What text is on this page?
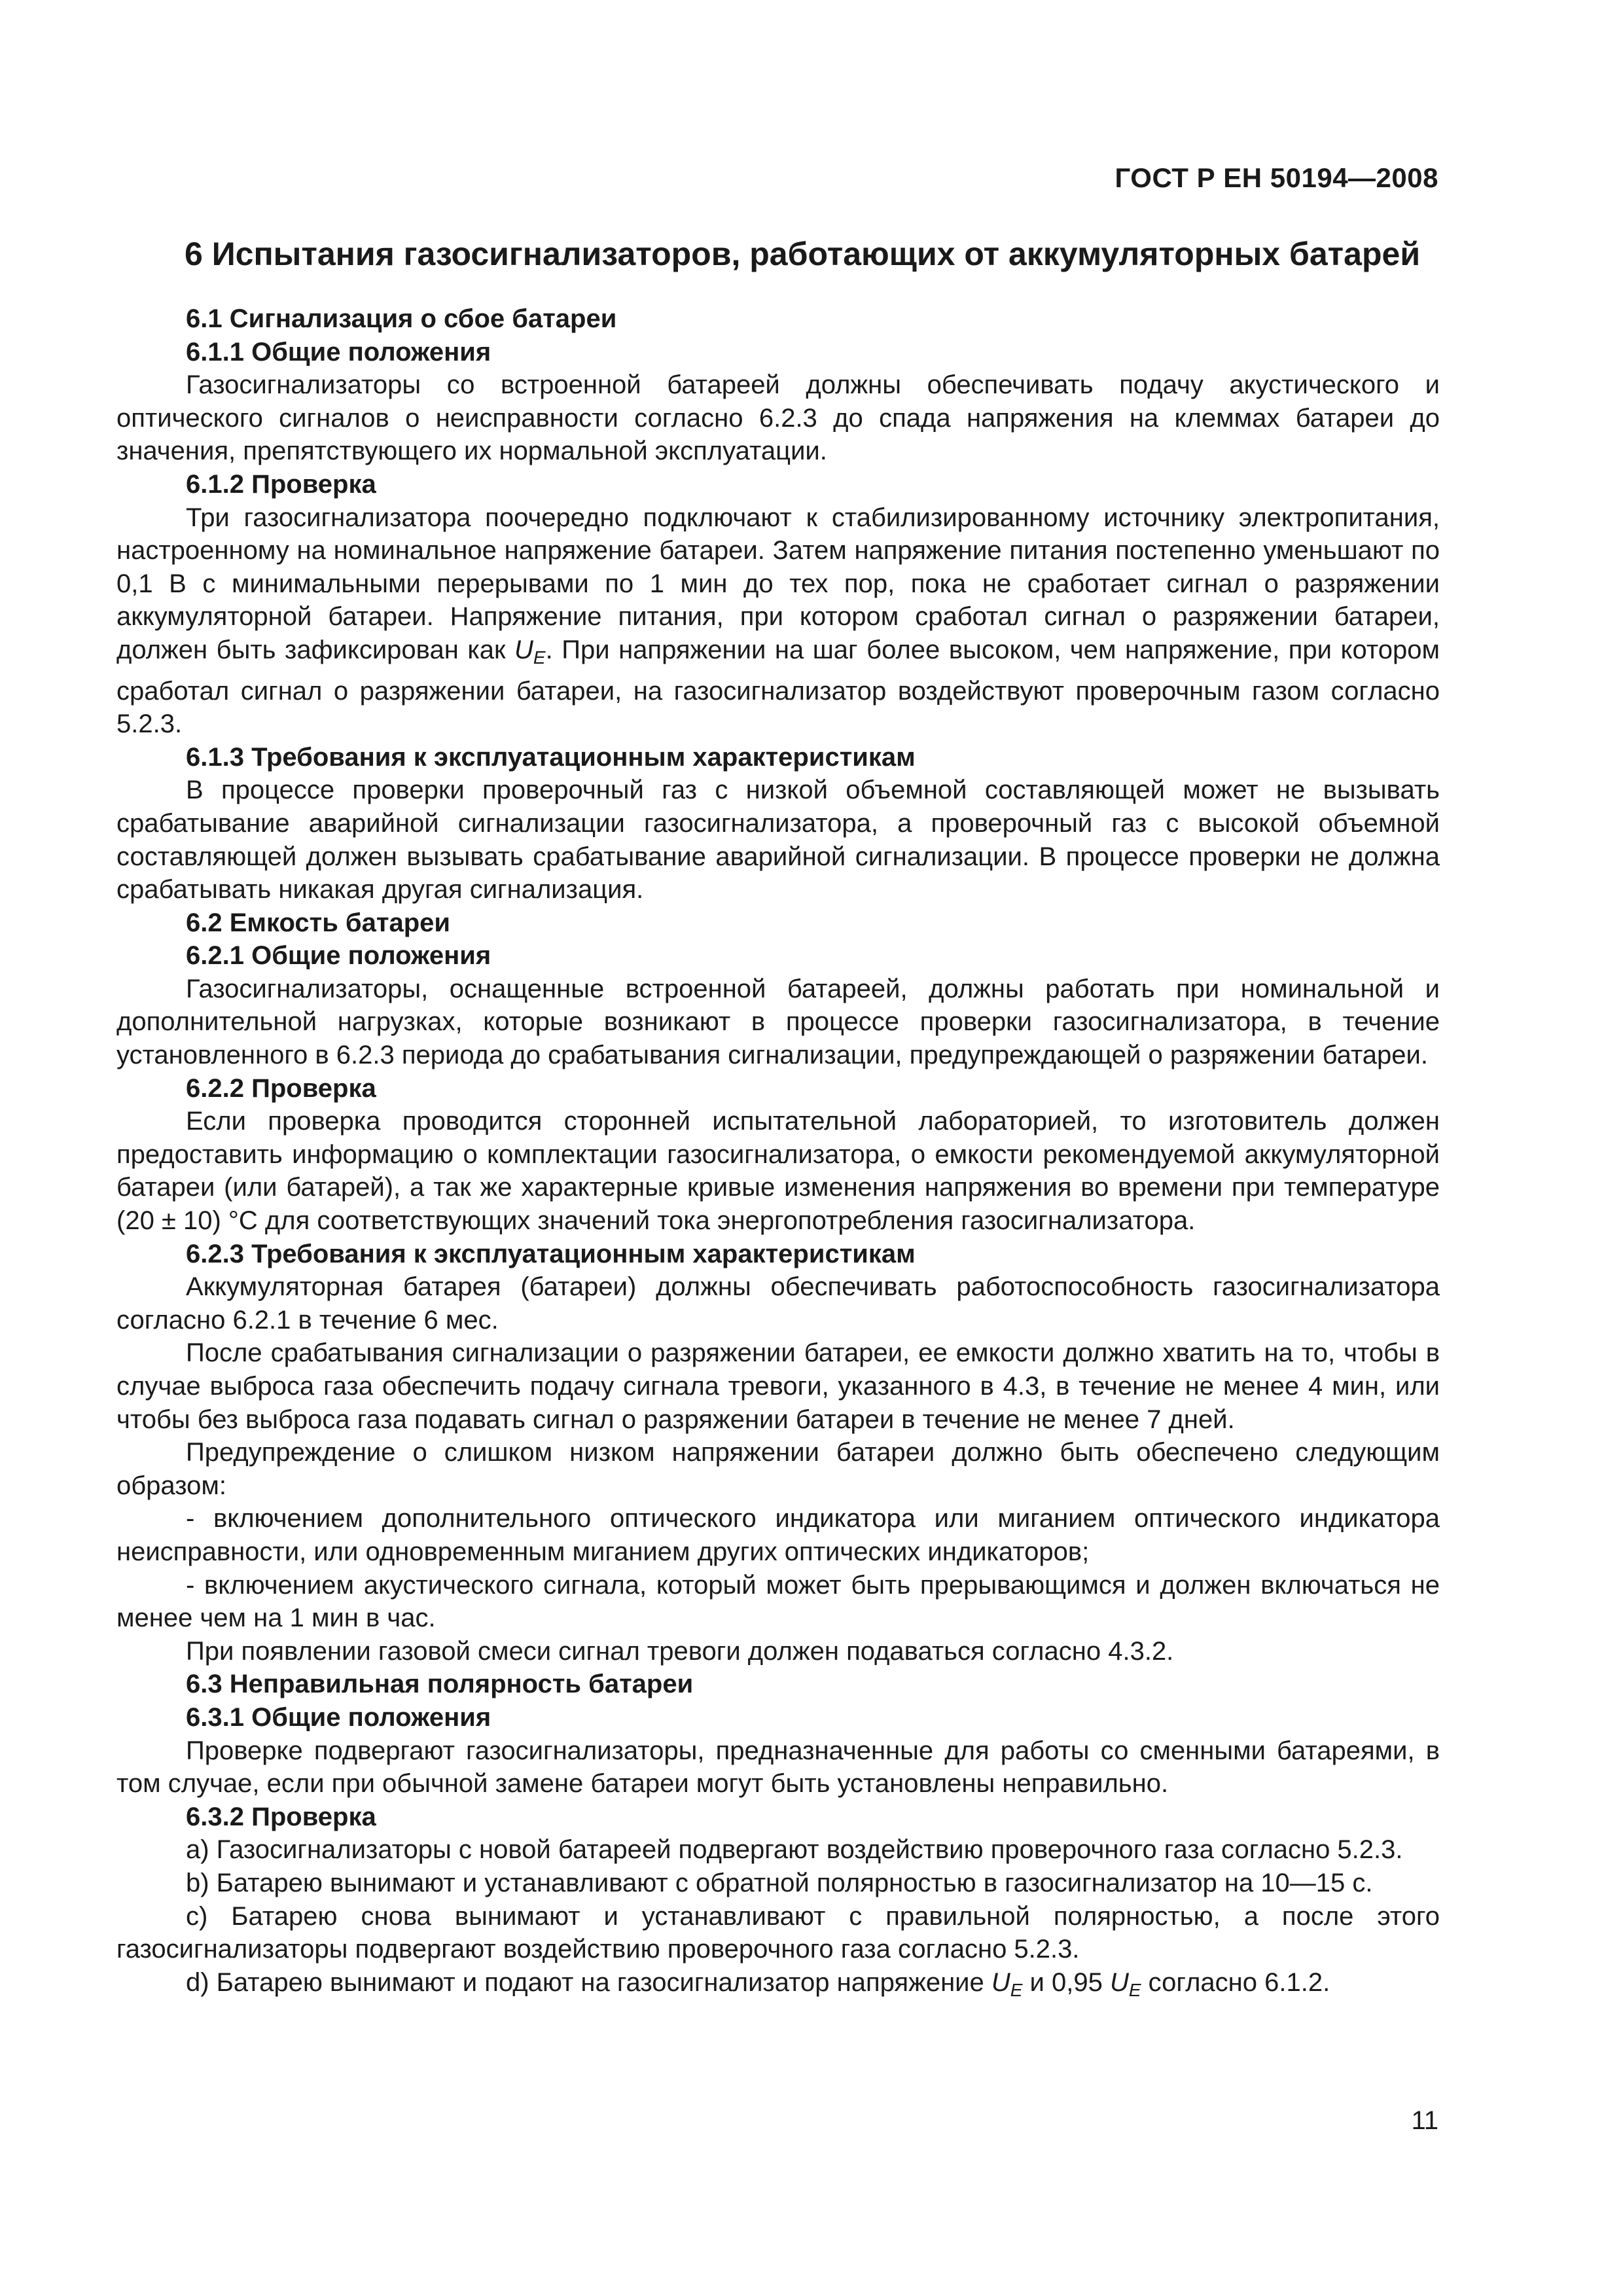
ГОСТ Р ЕН 50194—2008
6 Испытания газосигнализаторов, работающих от аккумуляторных батарей

6.1 Сигнализация о сбое батареи

6.1.1 Общие положения

Газосигнализаторы со встроенной батареей должны обеспечивать подачу акустического и оптического сигналов о неисправности согласно 6.2.3 до спада напряжения на клеммах батареи до значения, препятствующего их нормальной эксплуатации.

6.1.2 Проверка

Три газосигнализатора поочередно подключают к стабилизированному источнику электропитания, настроенному на номинальное напряжение батареи. Затем напряжение питания постепенно уменьшают по 0,1 В с минимальными перерывами по 1 мин до тех пор, пока не сработает сигнал о разряжении аккумуляторной батареи. Напряжение питания, при котором сработал сигнал о разряжении батареи, должен быть зафиксирован как $U_E$. При напряжении на шаг более высоком, чем напряжение, при котором сработал сигнал о разряжении батареи, на газосигнализатор воздействуют проверочным газом согласно 5.2.3.

6.1.3 Требования к эксплуатационным характеристикам

В процессе проверки проверочный газ с низкой объемной составляющей может не вызывать срабатывание аварийной сигнализации газосигнализатора, а проверочный газ с высокой объемной составляющей должен вызывать срабатывание аварийной сигнализации. В процессе проверки не должна срабатывать никакая другая сигнализация.

6.2 Емкость батареи

6.2.1 Общие положения

Газосигнализаторы, оснащенные встроенной батареей, должны работать при номинальной и дополнительной нагрузках, которые возникают в процессе проверки газосигнализатора, в течение установленного в 6.2.3 периода до срабатывания сигнализации, предупреждающей о разряжении батареи.

6.2.2 Проверка

Если проверка проводится сторонней испытательной лабораторией, то изготовитель должен предоставить информацию о комплектации газосигнализатора, о емкости рекомендуемой аккумуляторной батареи (или батарей), а так же характерные кривые изменения напряжения во времени при температуре (20 ± 10) °С для соответствующих значений тока энергопотребления газосигнализатора.

6.2.3 Требования к эксплуатационным характеристикам

Аккумуляторная батарея (батареи) должны обеспечивать работоспособность газосигнализатора согласно 6.2.1 в течение 6 мес.

После срабатывания сигнализации о разряжении батареи, ее емкости должно хватить на то, чтобы в случае выброса газа обеспечить подачу сигнала тревоги, указанного в 4.3, в течение не менее 4 мин, или чтобы без выброса газа подавать сигнал о разряжении батареи в течение не менее 7 дней.

Предупреждение о слишком низком напряжении батареи должно быть обеспечено следующим образом:

- включением дополнительного оптического индикатора или миганием оптического индикатора неисправности, или одновременным миганием других оптических индикаторов;

- включением акустического сигнала, который может быть прерывающимся и должен включаться не менее чем на 1 мин в час.

При появлении газовой смеси сигнал тревоги должен подаваться согласно 4.3.2.

6.3 Неправильная полярность батареи

6.3.1 Общие положения

Проверке подвергают газосигнализаторы, предназначенные для работы со сменными батареями, в том случае, если при обычной замене батареи могут быть установлены неправильно.

6.3.2 Проверка

a) Газосигнализаторы с новой батареей подвергают воздействию проверочного газа согласно 5.2.3.

b) Батарею вынимают и устанавливают с обратной полярностью в газосигнализатор на 10—15 с.

c) Батарею снова вынимают и устанавливают с правильной полярностью, а после этого газосигнализаторы подвергают воздействию проверочного газа согласно 5.2.3.

d) Батарею вынимают и подают на газосигнализатор напряжение $U_E$ и 0,95 $U_E$ согласно 6.1.2.

11
